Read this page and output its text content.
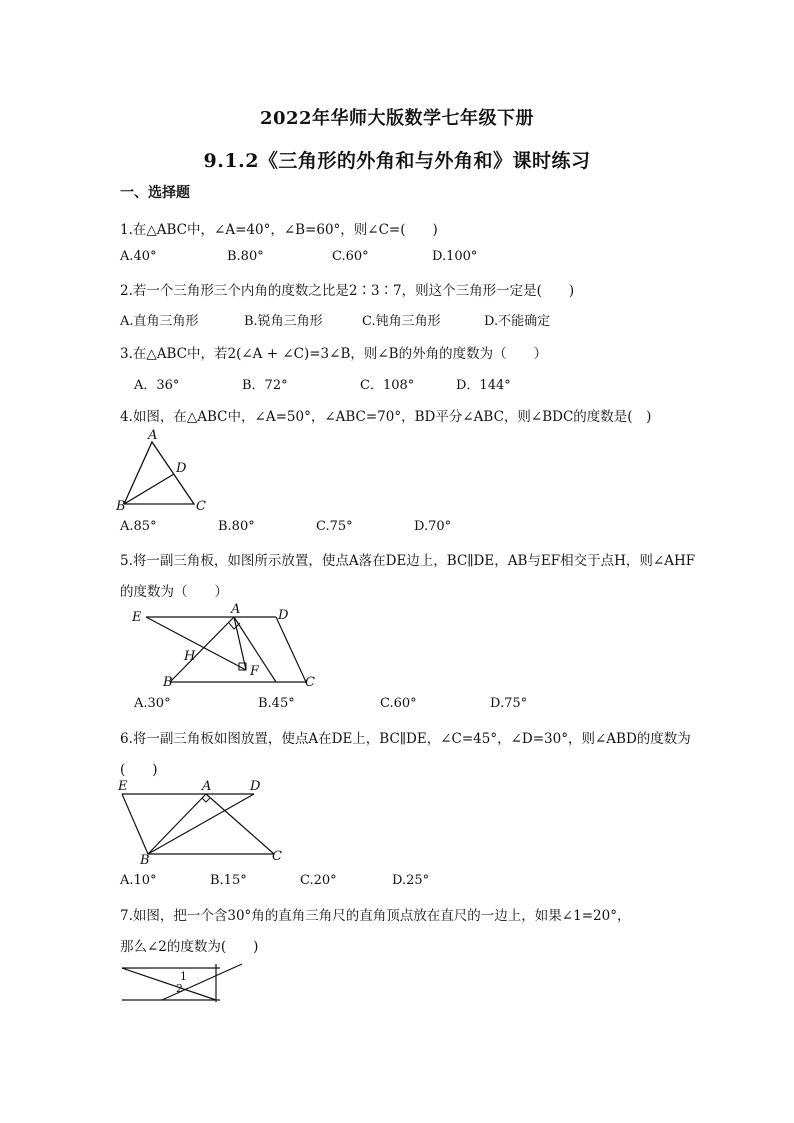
2022年华师大版数学七年级下册
9.1.2《三角形的外角和与外角和》课时练习
一、选择题
1.在△ABC中，∠A=40°，∠B=60°，则∠C=(　　)
A.40°	B.80°	C.60°	D.100°
2.若一个三角形三个内角的度数之比是2∶3∶7，则这个三角形一定是(　　)
A.直角三角形	B.锐角三角形	C.钝角三角形	D.不能确定
3.在△ABC中，若2(∠A + ∠C)=3∠B，则∠B的外角的度数为（　　）
A．36°	B．72°	C．108°	D．144°
4.如图，在△ABC中，∠A=50°，∠ABC=70°，BD平分∠ABC，则∠BDC的度数是(　)
A
D
B	C
A.85°	B.80°	C.75°	D.70°
5.将一副三角板，如图所示放置，使点A落在DE边上，BC∥DE，AB与EF相交于点H，则∠AHF
的度数为（　　）
E
A	D
H
F
B	C
A.30°	B.45°	C.60°	D.75°
6.将一副三角板如图放置，使点A在DE上，BC∥DE，∠C=45°，∠D=30°，则∠ABD的度数为
(　　)
E	A	D
B	C
A.10°	B.15°	C.20°	D.25°
7.如图，把一个含30°角的直角三角尺的直角顶点放在直尺的一边上，如果∠1=20°，
那么∠2的度数为(　　)
1
2
